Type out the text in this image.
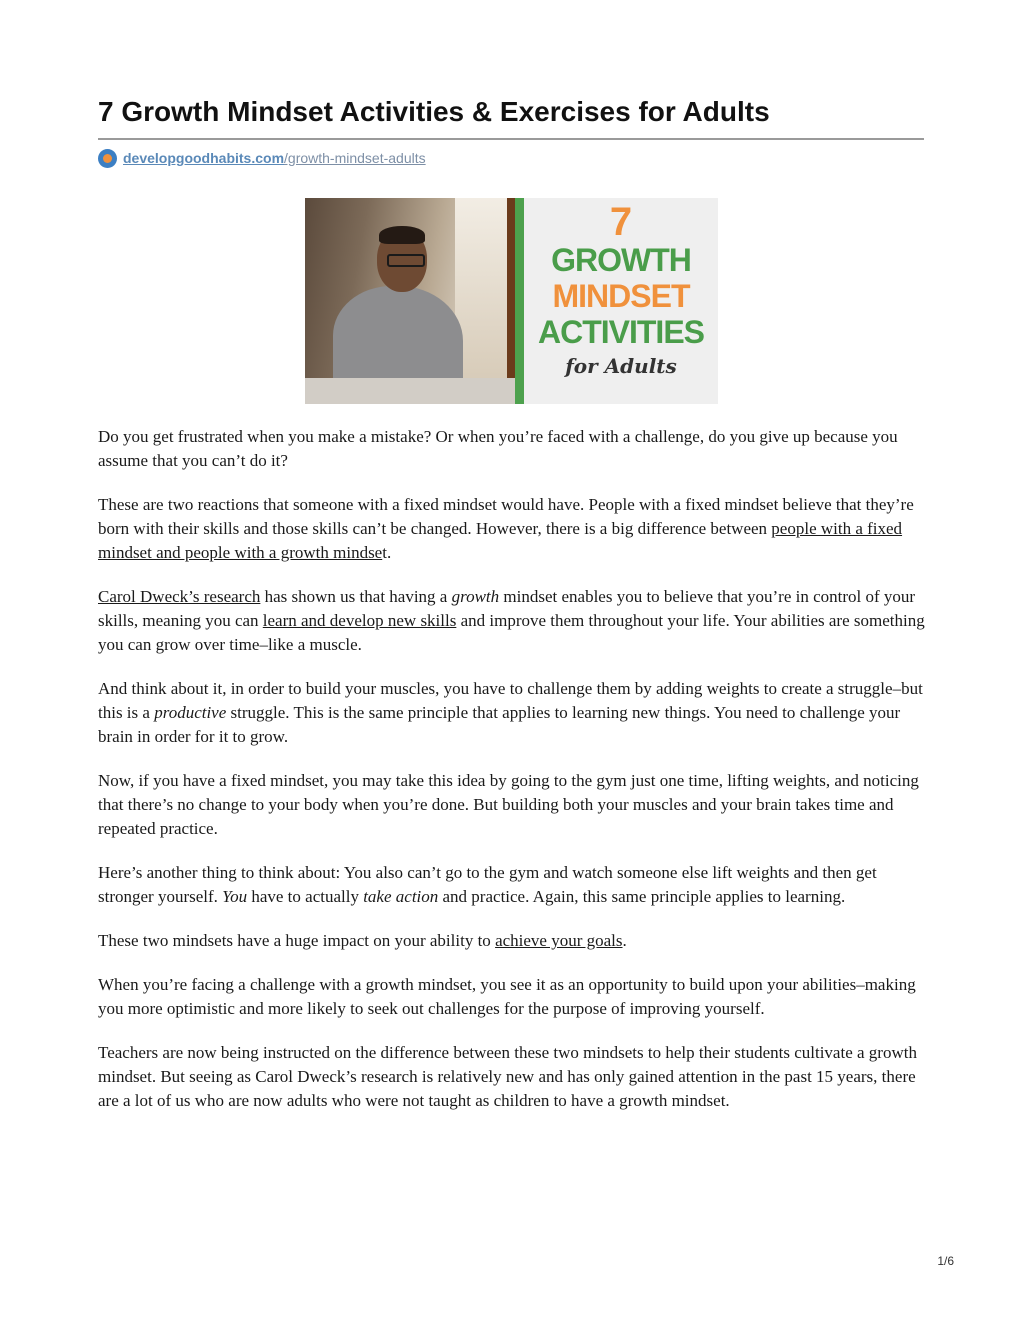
7 Growth Mindset Activities & Exercises for Adults
developgoodhabits.com /growth-mindset-adults
7
GROWTH
MINDSET
ACTIVITIES
for Adults

Do you get frustrated when you make a mistake? Or when you’re faced with a challenge, do you give up because you assume that you can’t do it?

These are two reactions that someone with a fixed mindset would have. People with a fixed mindset believe that they’re born with their skills and those skills can’t be changed. However, there is a big difference between people with a fixed mindset and people with a growth mindset.

Carol Dweck’s research has shown us that having a growth mindset enables you to believe that you’re in control of your skills, meaning you can learn and develop new skills and improve them throughout your life. Your abilities are something you can grow over time–like a muscle.

And think about it, in order to build your muscles, you have to challenge them by adding weights to create a struggle–but this is a productive struggle. This is the same principle that applies to learning new things. You need to challenge your brain in order for it to grow.

Now, if you have a fixed mindset, you may take this idea by going to the gym just one time, lifting weights, and noticing that there’s no change to your body when you’re done. But building both your muscles and your brain takes time and repeated practice.

Here’s another thing to think about: You also can’t go to the gym and watch someone else lift weights and then get stronger yourself. You have to actually take action and practice. Again, this same principle applies to learning.

These two mindsets have a huge impact on your ability to achieve your goals.

When you’re facing a challenge with a growth mindset, you see it as an opportunity to build upon your abilities–making you more optimistic and more likely to seek out challenges for the purpose of improving yourself.

Teachers are now being instructed on the difference between these two mindsets to help their students cultivate a growth mindset. But seeing as Carol Dweck’s research is relatively new and has only gained attention in the past 15 years, there are a lot of us who are now adults who were not taught as children to have a growth mindset.

1/6
